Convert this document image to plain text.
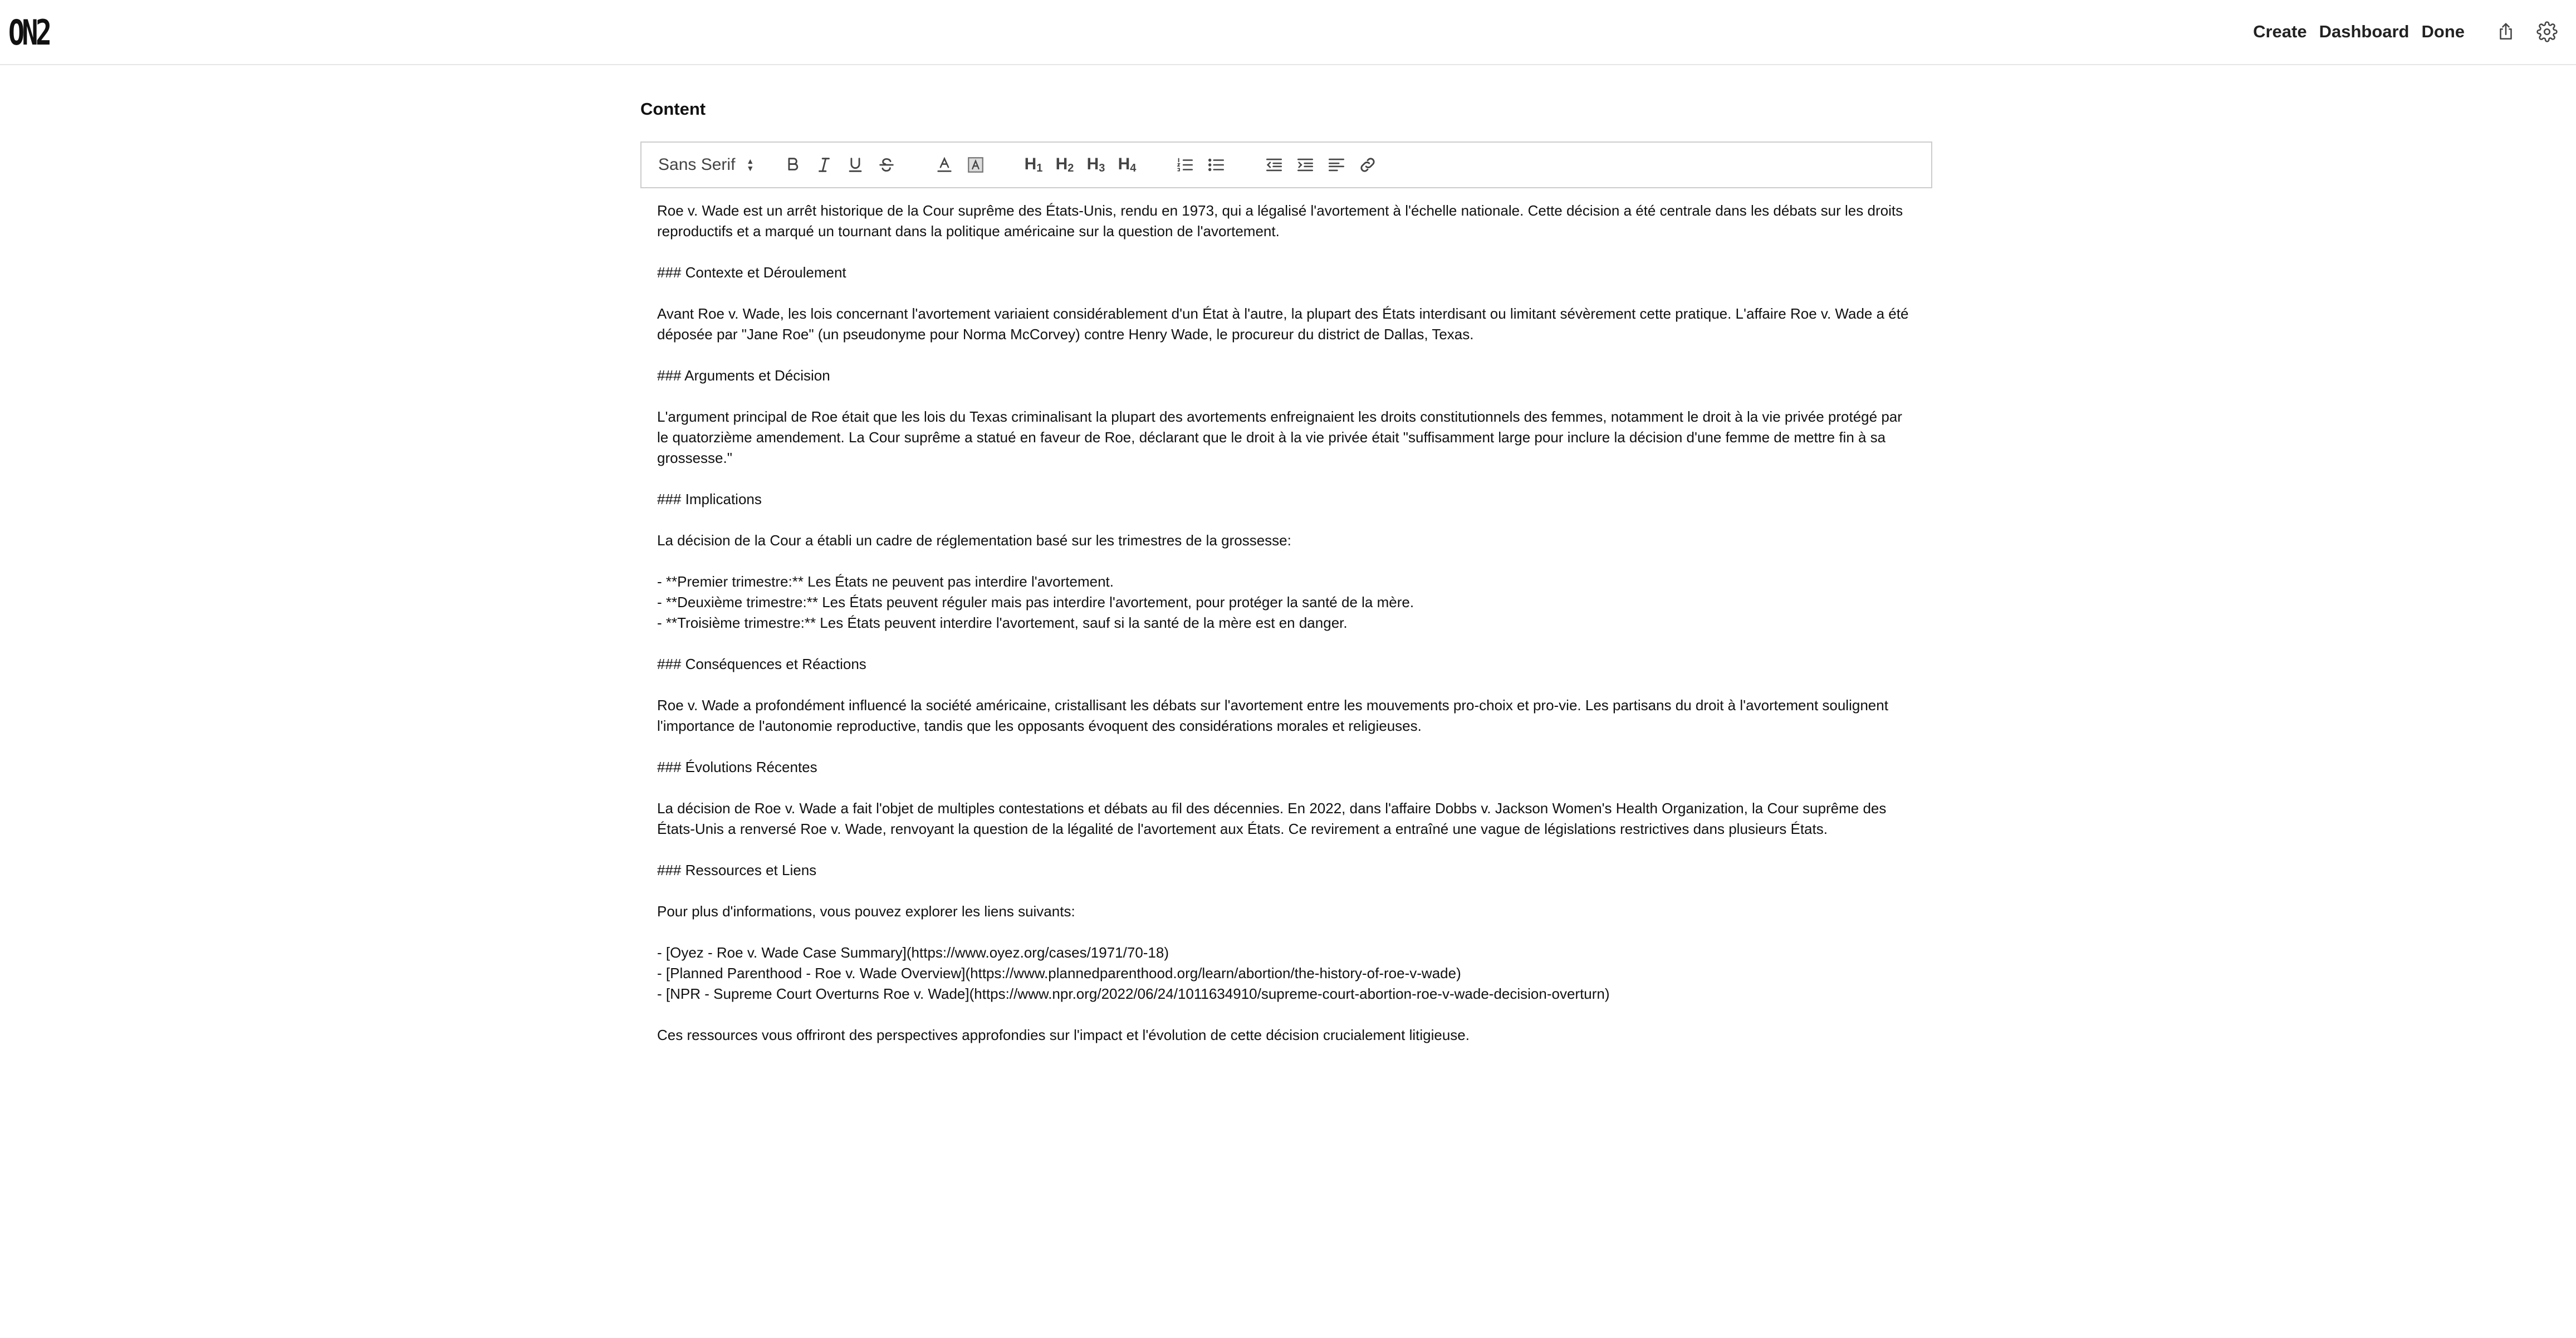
ON2	Create Dashboard Done
Content
Sans Serif ▲
▼	$H_1$ $H_2$ $H_3$ $H_4$

Roe v. Wade est un arrêt historique de la Cour suprême des États-Unis, rendu en 1973, qui a légalisé l'avortement à l'échelle nationale. Cette décision a été centrale dans les débats sur les droits reproductifs et a marqué un tournant dans la politique américaine sur la question de l'avortement.

### Contexte et Déroulement

Avant Roe v. Wade, les lois concernant l'avortement variaient considérablement d'un État à l'autre, la plupart des États interdisant ou limitant sévèrement cette pratique. L'affaire Roe v. Wade a été déposée par "Jane Roe" (un pseudonyme pour Norma McCorvey) contre Henry Wade, le procureur du district de Dallas, Texas.

### Arguments et Décision

L'argument principal de Roe était que les lois du Texas criminalisant la plupart des avortements enfreignaient les droits constitutionnels des femmes, notamment le droit à la vie privée protégé par le quatorzième amendement. La Cour suprême a statué en faveur de Roe, déclarant que le droit à la vie privée était "suffisamment large pour inclure la décision d'une femme de mettre fin à sa grossesse."

### Implications

La décision de la Cour a établi un cadre de réglementation basé sur les trimestres de la grossesse:

- **Premier trimestre:** Les États ne peuvent pas interdire l'avortement.

- **Deuxième trimestre:** Les États peuvent réguler mais pas interdire l'avortement, pour protéger la santé de la mère.

- **Troisième trimestre:** Les États peuvent interdire l'avortement, sauf si la santé de la mère est en danger.

### Conséquences et Réactions

Roe v. Wade a profondément influencé la société américaine, cristallisant les débats sur l'avortement entre les mouvements pro-choix et pro-vie. Les partisans du droit à l'avortement soulignent l'importance de l'autonomie reproductive, tandis que les opposants évoquent des considérations morales et religieuses.

### Évolutions Récentes

La décision de Roe v. Wade a fait l'objet de multiples contestations et débats au fil des décennies. En 2022, dans l'affaire Dobbs v. Jackson Women's Health Organization, la Cour suprême des États-Unis a renversé Roe v. Wade, renvoyant la question de la légalité de l'avortement aux États. Ce revirement a entraîné une vague de législations restrictives dans plusieurs États.

### Ressources et Liens

Pour plus d'informations, vous pouvez explorer les liens suivants:

- [Oyez - Roe v. Wade Case Summary](https://www.oyez.org/cases/1971/70-18)

- [Planned Parenthood - Roe v. Wade Overview](https://www.plannedparenthood.org/learn/abortion/the-history-of-roe-v-wade)

- [NPR - Supreme Court Overturns Roe v. Wade](https://www.npr.org/2022/06/24/1011634910/supreme-court-abortion-roe-v-wade-decision-overturn)

Ces ressources vous offriront des perspectives approfondies sur l'impact et l'évolution de cette décision crucialement litigieuse.
